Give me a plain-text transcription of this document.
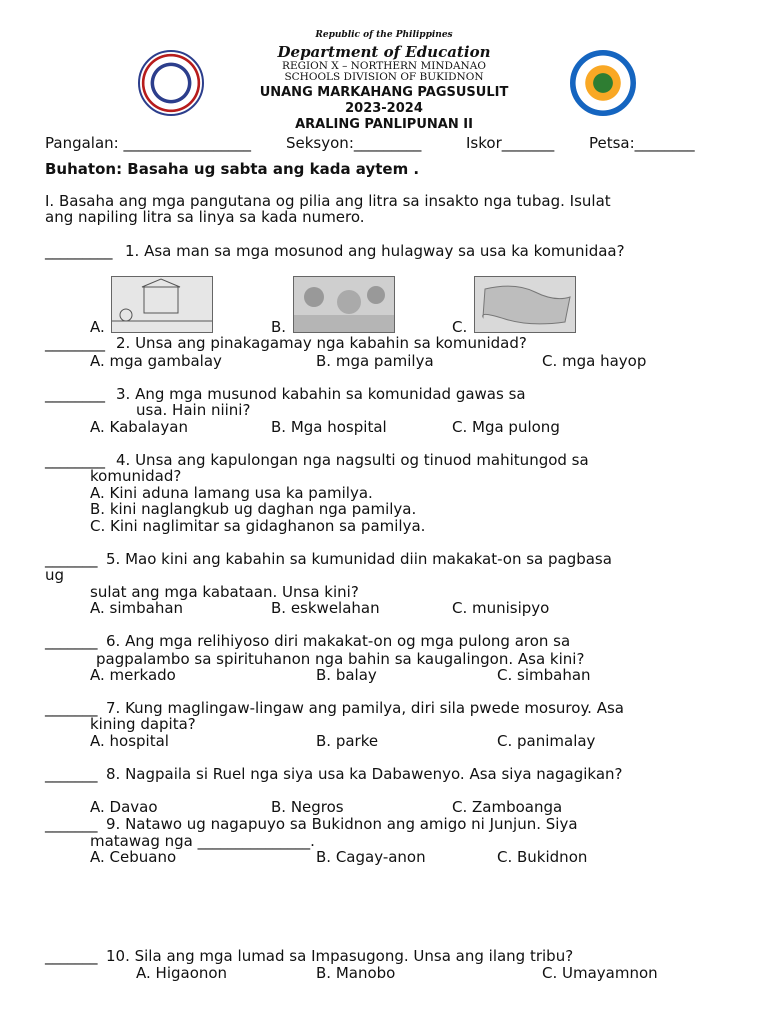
Republic of the Philippines
Department of Education
REGION X – NORTHERN MINDANAO
SCHOOLS DIVISION OF BUKIDNON
UNANG MARKAHANG PAGSUSULIT
2023-2024
ARALING PANLIPUNAN II
Pangalan: _________________ Seksyon:_________	Iskor_______ Petsa:________
Buhaton: Basaha ug sabta ang kada aytem .
I. Basaha ang mga pangutana og pilia ang litra sa insakto nga tubag. Isulat
ang napiling litra sa linya sa kada numero.
_________ 1. Asa man sa mga mosunod ang hulagway sa usa ka komunidaa?
A.	B.	C.
________ 2. Unsa ang pinakagamay nga kabahin sa komunidad?
A. mga gambalay	B. mga pamilya	C. mga hayop
________ 3. Ang mga musunod kabahin sa komunidad gawas sa
usa. Hain niini?
A. Kabalayan	B. Mga hospital	C. Mga pulong
________ 4. Unsa ang kapulongan nga nagsulti og tinuod mahitungod sa
komunidad?
A. Kini aduna lamang usa ka pamilya.
B. kini naglangkub ug daghan nga pamilya.
C. Kini naglimitar sa gidaghanon sa pamilya.
_______ 5. Mao kini ang kabahin sa kumunidad diin makakat-on sa pagbasa
ug
sulat ang mga kabataan. Unsa kini?
A. simbahan	B. eskwelahan	C. munisipyo
_______ 6. Ang mga relihiyoso diri makakat-on og mga pulong aron sa
pagpalambo sa spirituhanon nga bahin sa kaugalingon. Asa kini?
A. merkado	B. balay	C. simbahan
_______ 7. Kung maglingaw-lingaw ang pamilya, diri sila pwede mosuroy. Asa
kining dapita?
A. hospital	B. parke	C. panimalay
_______ 8. Nagpaila si Ruel nga siya usa ka Dabawenyo. Asa siya nagagikan?
A. Davao	B. Negros	C. Zamboanga
_______ 9. Natawo ug nagapuyo sa Bukidnon ang amigo ni Junjun. Siya
matawag nga _______________.
A. Cebuano	B. Cagay-anon	C. Bukidnon
_______ 10. Sila ang mga lumad sa Impasugong. Unsa ang ilang tribu?
A. Higaonon	B. Manobo	C. Umayamnon
